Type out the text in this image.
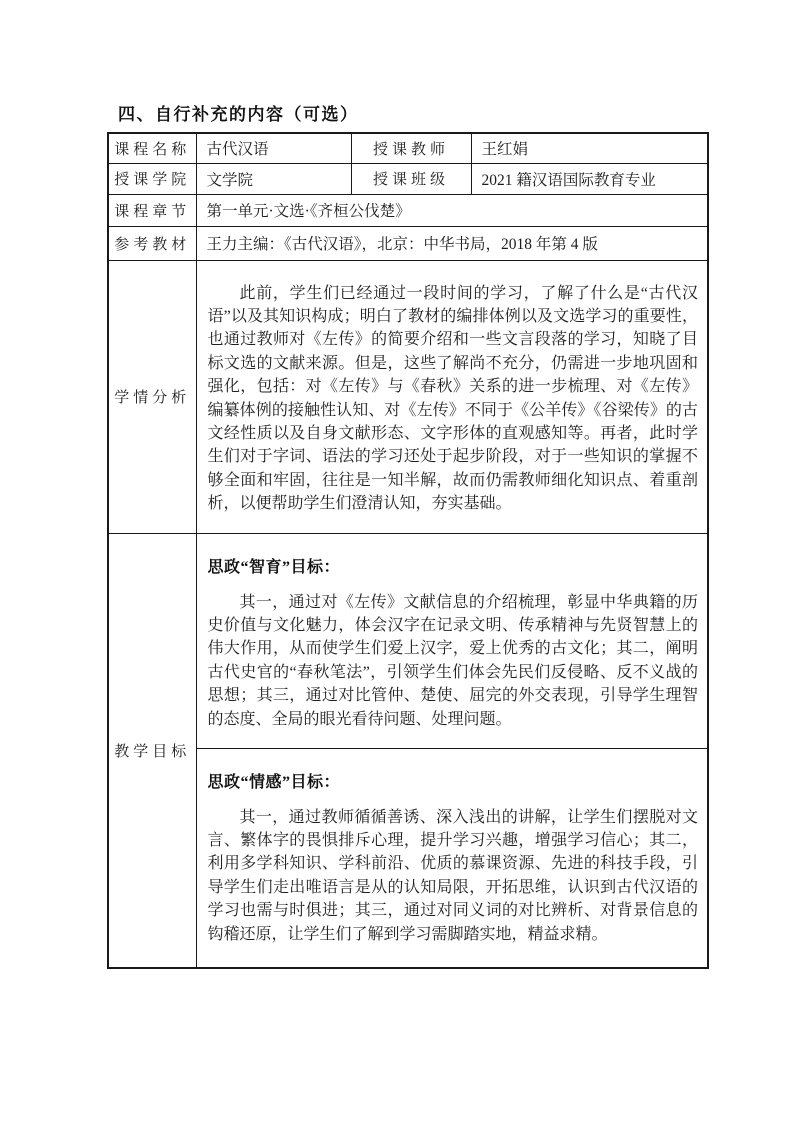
四、自行补充的内容（可选）
课程名称	古代汉语	授课教师	王红娟
授课学院	文学院	授课班级	2021 籍汉语国际教育专业
课程章节	第一单元·文选·《齐桓公伐楚》		
参考教材	王力主编：《古代汉语》，北京：中华书局，2018 年第 4 版		
学情分析	此前，学生们已经通过一段时间的学习，了解了什么是“古代汉语”以及其知识构成；明白了教材的编排体例以及文选学习的重要性，也通过教师对《左传》的简要介绍和一些文言段落的学习，知晓了目标文选的文献来源。但是，这些了解尚不充分，仍需进一步地巩固和强化，包括：对《左传》与《春秋》关系的进一步梳理、对《左传》编纂体例的接触性认知、对《左传》不同于《公羊传》《谷梁传》的古文经性质以及自身文献形态、文字形体的直观感知等。再者，此时学生们对于字词、语法的学习还处于起步阶段，对于一些知识的掌握不够全面和牢固，往往是一知半解，故而仍需教师细化知识点、着重剖析，以便帮助学生们澄清认知，夯实基础。		

教学目标	思政“智育”目标：

其一，通过对《左传》文献信息的介绍梳理，彰显中华典籍的历史价值与文化魅力，体会汉字在记录文明、传承精神与先贤智慧上的伟大作用，从而使学生们爱上汉字，爱上优秀的古文化；其二，阐明古代史官的“春秋笔法”，引领学生们体会先民们反侵略、反不义战的思想；其三，通过对比管仲、楚使、屈完的外交表现，引导学生理智的态度、全局的眼光看待问题、处理问题。		

	思政“情感”目标：

其一，通过教师循循善诱、深入浅出的讲解，让学生们摆脱对文言、繁体字的畏惧排斥心理，提升学习兴趣，增强学习信心；其二，利用多学科知识、学科前沿、优质的慕课资源、先进的科技手段，引导学生们走出唯语言是从的认知局限，开拓思维，认识到古代汉语的学习也需与时俱进；其三，通过对同义词的对比辨析、对背景信息的钩稽还原，让学生们了解到学习需脚踏实地，精益求精。		
